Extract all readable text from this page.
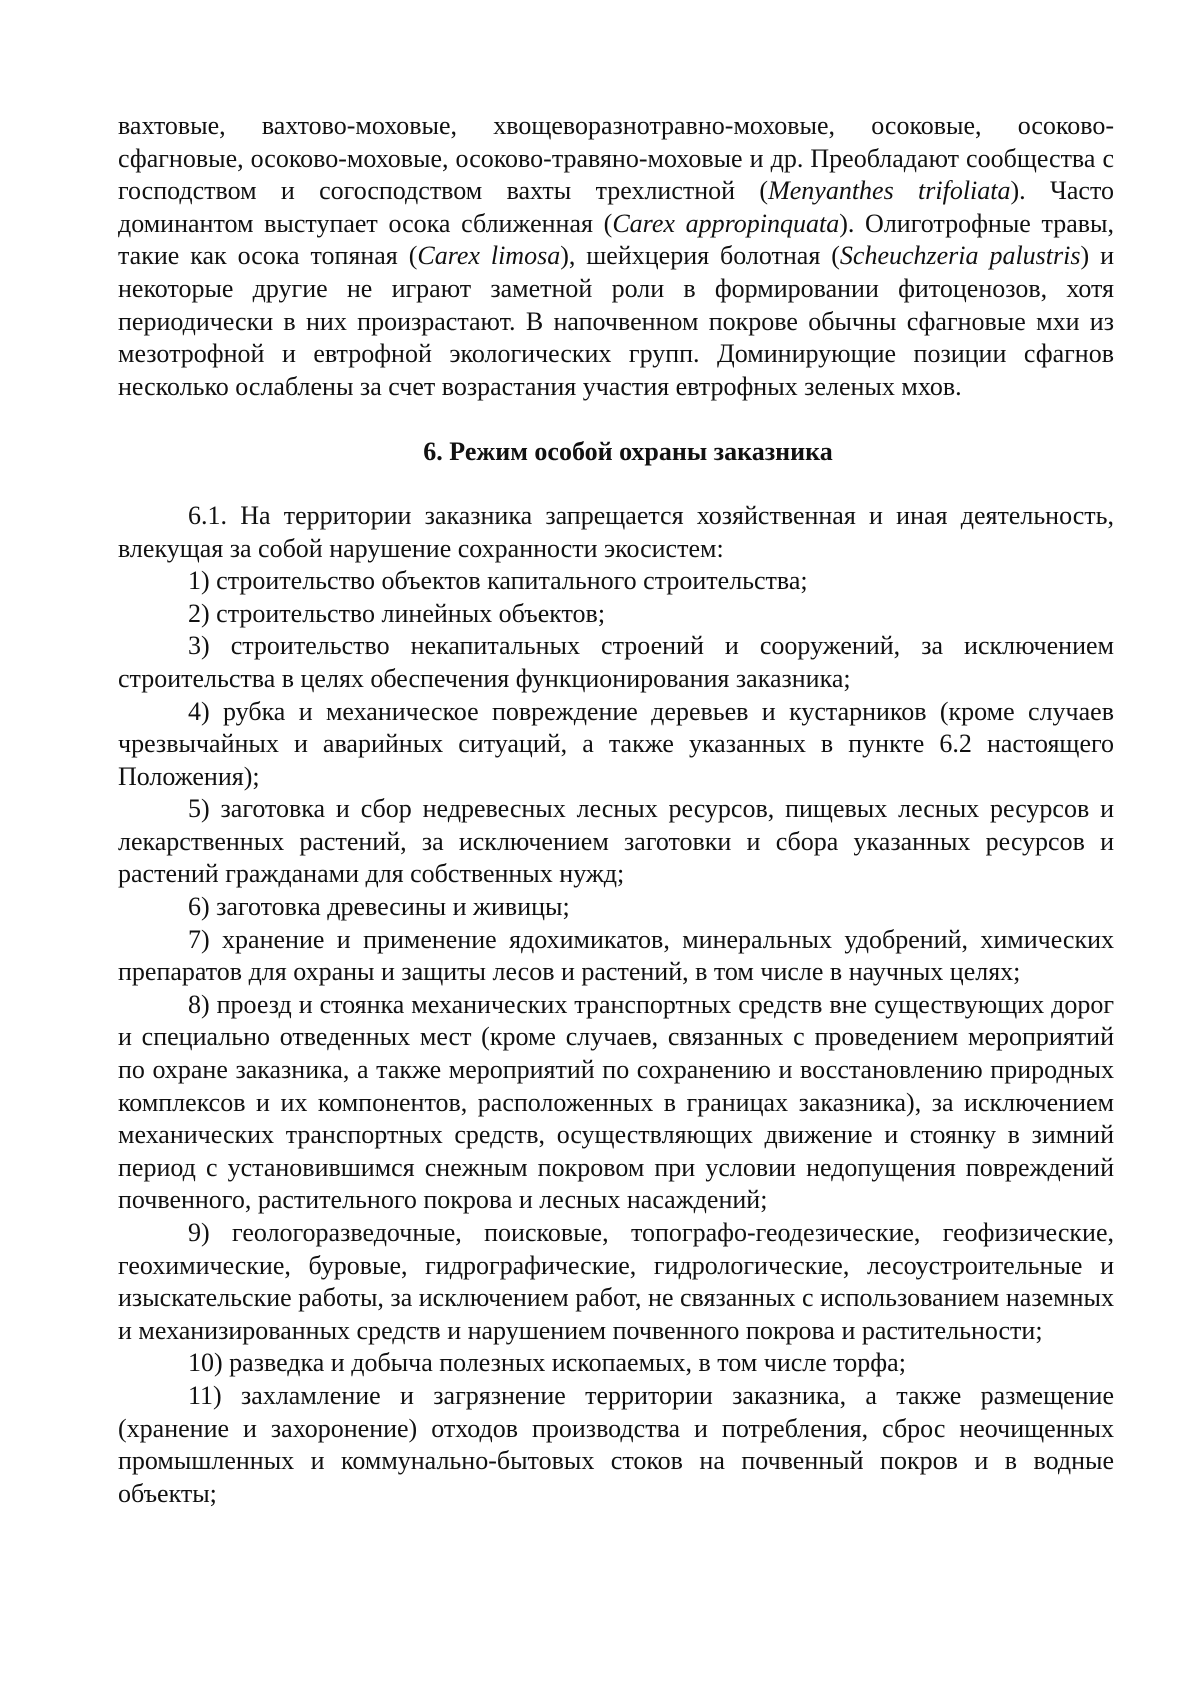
вахтовые, вахтово-моховые, хвощеворазнотравно-моховые, осоковые, осоково-сфагновые, осоково-моховые, осоково-травяно-моховые и др. Преобладают сообщества с господством и согосподством вахты трехлистной (Menyanthes trifoliata). Часто доминантом выступает осока сближенная (Carex appropinquata). Олиготрофные травы, такие как осока топяная (Carex limosa), шейхцерия болотная (Scheuchzeria palustris) и некоторые другие не играют заметной роли в формировании фитоценозов, хотя периодически в них произрастают. В напочвенном покрове обычны сфагновые мхи из мезотрофной и евтрофной экологических групп. Доминирующие позиции сфагнов несколько ослаблены за счет возрастания участия евтрофных зеленых мхов.

6. Режим особой охраны заказника

6.1. На территории заказника запрещается хозяйственная и иная деятельность, влекущая за собой нарушение сохранности экосистем:

1) строительство объектов капитального строительства;

2) строительство линейных объектов;

3) строительство некапитальных строений и сооружений, за исключением строительства в целях обеспечения функционирования заказника;

4) рубка и механическое повреждение деревьев и кустарников (кроме случаев чрезвычайных и аварийных ситуаций, а также указанных в пункте 6.2 настоящего Положения);

5) заготовка и сбор недревесных лесных ресурсов, пищевых лесных ресурсов и лекарственных растений, за исключением заготовки и сбора указанных ресурсов и растений гражданами для собственных нужд;

6) заготовка древесины и живицы;

7) хранение и применение ядохимикатов, минеральных удобрений, химических препаратов для охраны и защиты лесов и растений, в том числе в научных целях;

8) проезд и стоянка механических транспортных средств вне существующих дорог и специально отведенных мест (кроме случаев, связанных с проведением мероприятий по охране заказника, а также мероприятий по сохранению и восстановлению природных комплексов и их компонентов, расположенных в границах заказника), за исключением механических транспортных средств, осуществляющих движение и стоянку в зимний период с установившимся снежным покровом при условии недопущения повреждений почвенного, растительного покрова и лесных насаждений;

9) геологоразведочные, поисковые, топографо-геодезические, геофизические, геохимические, буровые, гидрографические, гидрологические, лесоустроительные и изыскательские работы, за исключением работ, не связанных с использованием наземных и механизированных средств и нарушением почвенного покрова и растительности;

10) разведка и добыча полезных ископаемых, в том числе торфа;

11) захламление и загрязнение территории заказника, а также размещение (хранение и захоронение) отходов производства и потребления, сброс неочищенных промышленных и коммунально-бытовых стоков на почвенный покров и в водные объекты;
